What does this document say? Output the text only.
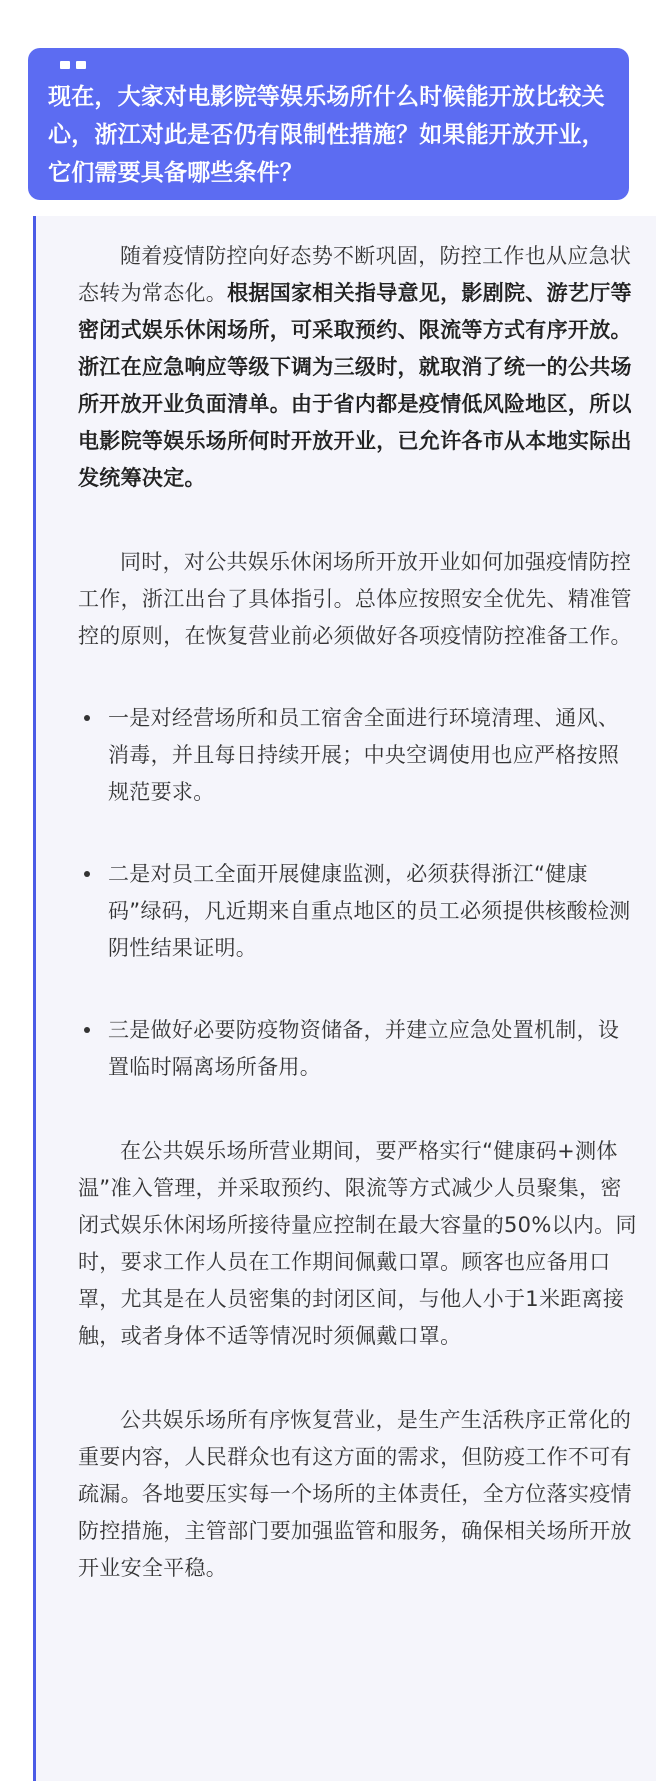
现在，大家对电影院等娱乐场所什么时候能开放比较关心，浙江对此是否仍有限制性措施？如果能开放开业，它们需要具备哪些条件？

随着疫情防控向好态势不断巩固，防控工作也从应急状态转为常态化。根据国家相关指导意见，影剧院、游艺厅等密闭式娱乐休闲场所，可采取预约、限流等方式有序开放。浙江在应急响应等级下调为三级时，就取消了统一的公共场所开放开业负面清单。由于省内都是疫情低风险地区，所以电影院等娱乐场所何时开放开业，已允许各市从本地实际出发统筹决定。

同时，对公共娱乐休闲场所开放开业如何加强疫情防控工作，浙江出台了具体指引。总体应按照安全优先、精准管控的原则，在恢复营业前必须做好各项疫情防控准备工作。

一是对经营场所和员工宿舍全面进行环境清理、通风、消毒，并且每日持续开展；中央空调使用也应严格按照规范要求。
二是对员工全面开展健康监测，必须获得浙江“健康码”绿码，凡近期来自重点地区的员工必须提供核酸检测阴性结果证明。
三是做好必要防疫物资储备，并建立应急处置机制，设置临时隔离场所备用。

在公共娱乐场所营业期间，要严格实行“健康码+测体温”准入管理，并采取预约、限流等方式减少人员聚集，密闭式娱乐休闲场所接待量应控制在最大容量的50%以内。同时，要求工作人员在工作期间佩戴口罩。顾客也应备用口罩，尤其是在人员密集的封闭区间，与他人小于1米距离接触，或者身体不适等情况时须佩戴口罩。

公共娱乐场所有序恢复营业，是生产生活秩序正常化的重要内容，人民群众也有这方面的需求，但防疫工作不可有疏漏。各地要压实每一个场所的主体责任，全方位落实疫情防控措施，主管部门要加强监管和服务，确保相关场所开放开业安全平稳。
